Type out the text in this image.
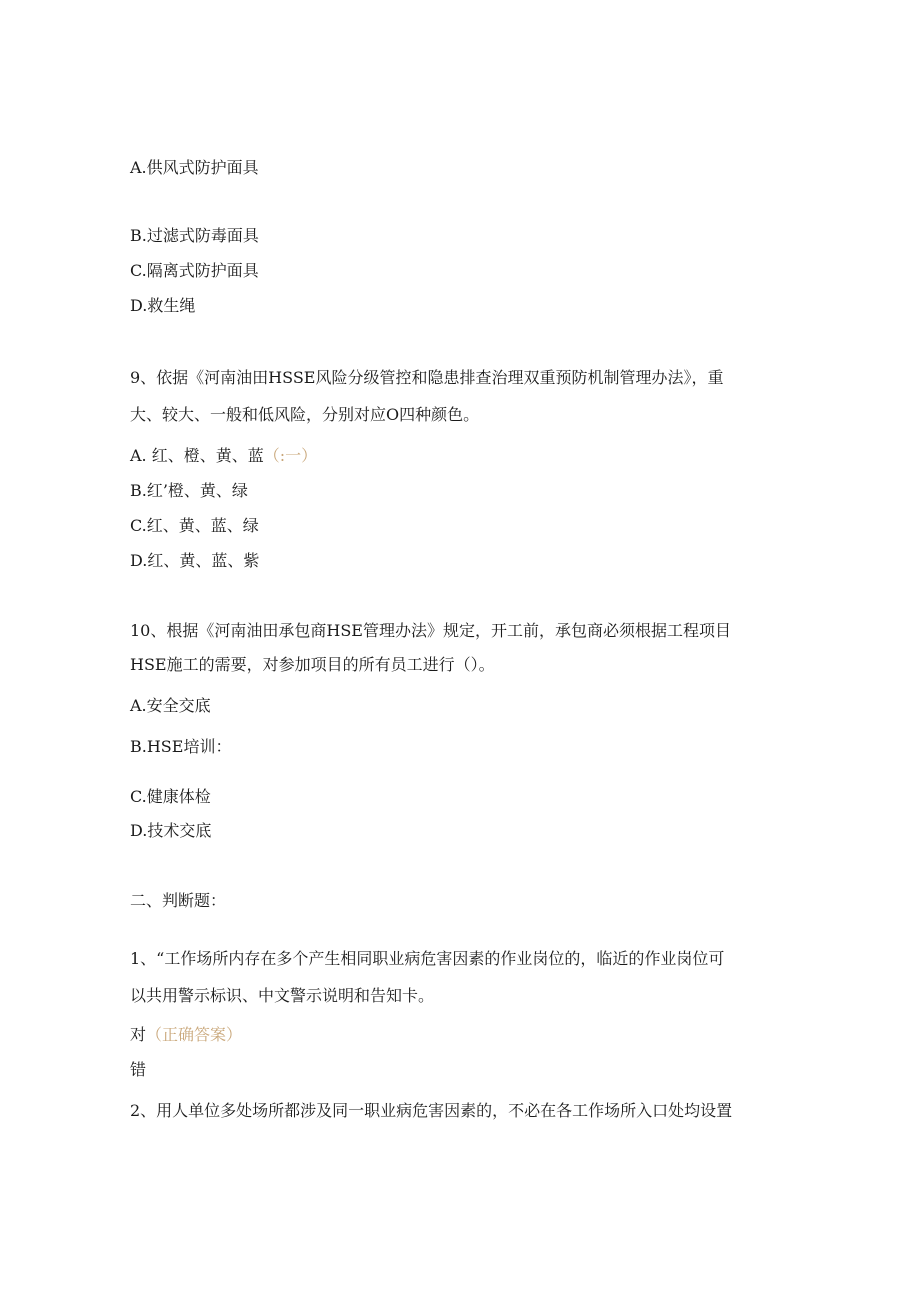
A.供风式防护面具
B.过滤式防毒面具
C.隔离式防护面具
D.救生绳
9、依据《河南油田HSSE风险分级管控和隐患排查治理双重预防机制管理办法》，重
大、较大、一般和低风险，分别对应O四种颜色。
A. 红、橙、黄、蓝（:一）
B.红’橙、黄、绿
C.红、黄、蓝、绿
D.红、黄、蓝、紫
10、根据《河南油田承包商HSE管理办法》规定，开工前，承包商必须根据工程项目
HSE施工的需要，对参加项目的所有员工进行（）。
A.安全交底
B.HSE培训：
C.健康体检
D.技术交底
二、判断题：
1、“工作场所内存在多个产生相同职业病危害因素的作业岗位的，临近的作业岗位可
以共用警示标识、中文警示说明和告知卡。
对（正确答案）
错
2、用人单位多处场所都涉及同一职业病危害因素的，不必在各工作场所入口处均设置
